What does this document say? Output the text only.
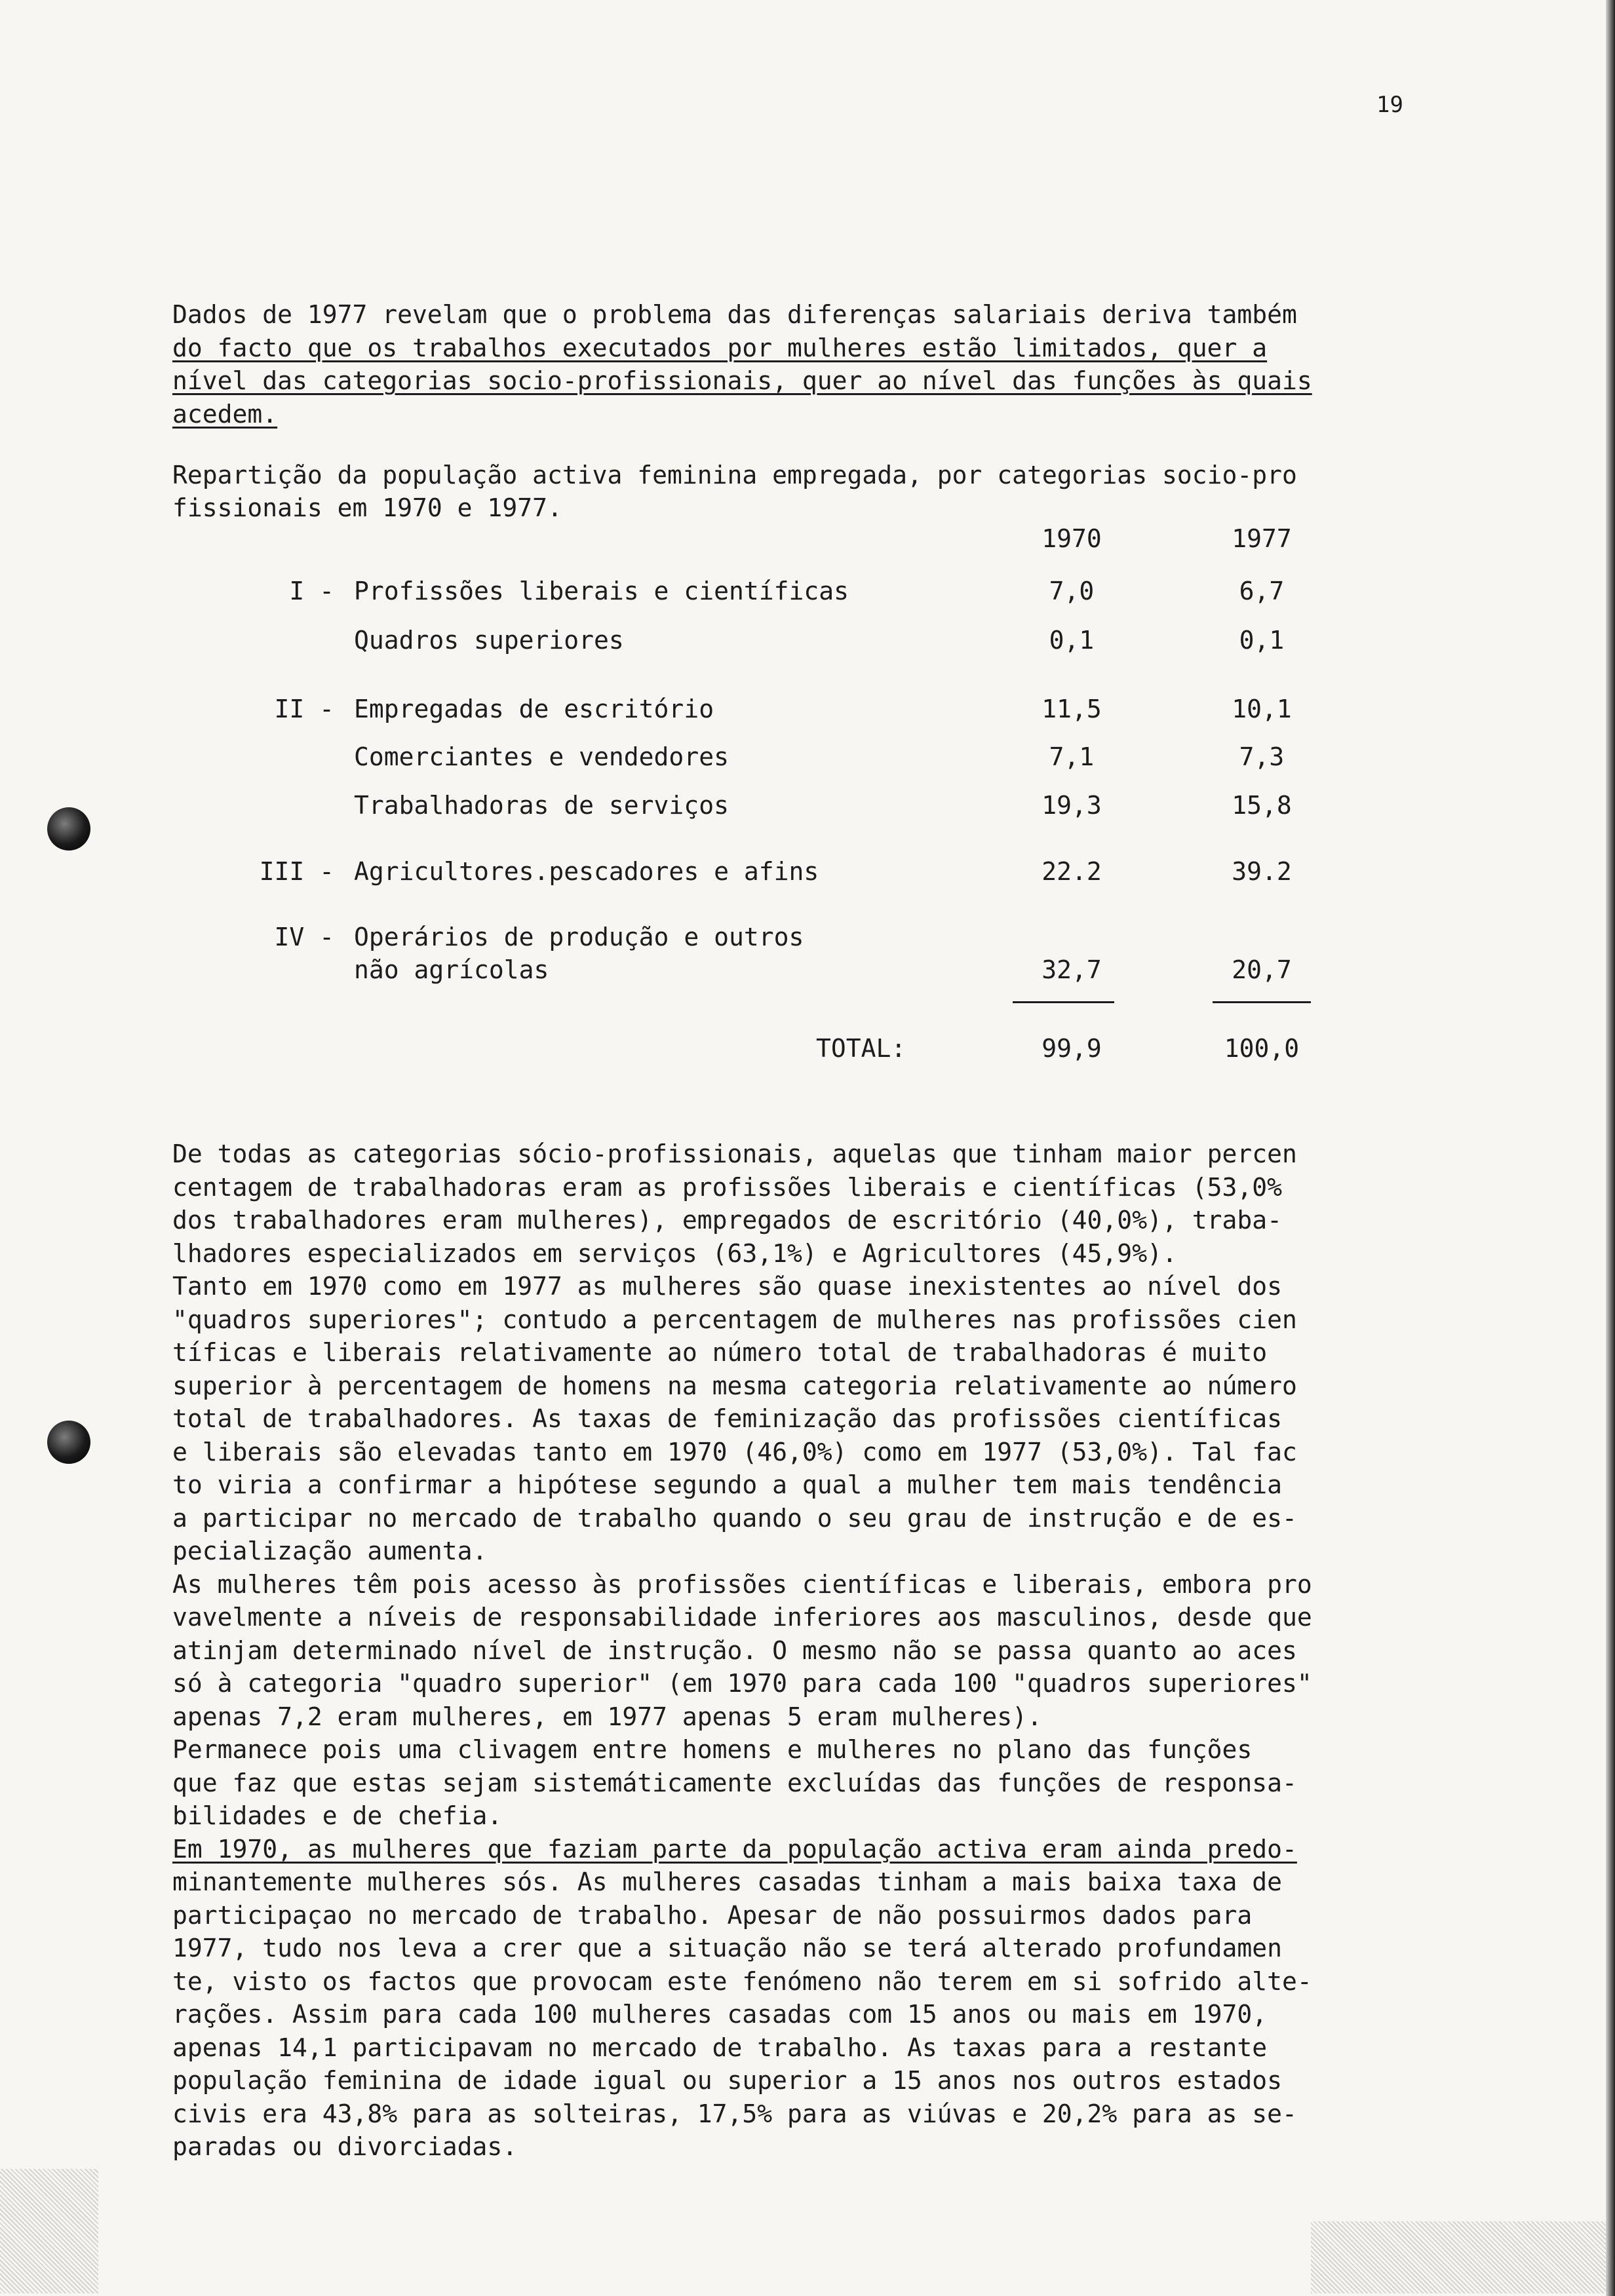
19
Dados de 1977 revelam que o problema das diferenças salariais deriva também
do facto que os trabalhos executados por mulheres estão limitados, quer a
nível das categorias socio-profissionais, quer ao nível das funções às quais
acedem.
Repartição da população activa feminina empregada, por categorias socio-pro
fissionais em 1970 e 1977.
1970	1977
I - Profissões liberais e científicas	7,0	6,7
Quadros superiores	0,1	0,1
II - Empregadas de escritório	11,5	10,1
Comerciantes e vendedores	7,1	7,3
Trabalhadoras de serviços	19,3	15,8
III - Agricultores.pescadores e afins	22.2	39.2
IV - Operários de produção e outros
não agrícolas	32,7	20,7
TOTAL:	99,9	100,0
De todas as categorias sócio-profissionais, aquelas que tinham maior percen
centagem de trabalhadoras eram as profissões liberais e científicas (53,0%
dos trabalhadores eram mulheres), empregados de escritório (40,0%), traba-
lhadores especializados em serviços (63,1%) e Agricultores (45,9%).
Tanto em 1970 como em 1977 as mulheres são quase inexistentes ao nível dos
"quadros superiores"; contudo a percentagem de mulheres nas profissões cien
tíficas e liberais relativamente ao número total de trabalhadoras é muito
superior à percentagem de homens na mesma categoria relativamente ao número
total de trabalhadores. As taxas de feminização das profissões científicas
e liberais são elevadas tanto em 1970 (46,0%) como em 1977 (53,0%). Tal fac
to viria a confirmar a hipótese segundo a qual a mulher tem mais tendência
a participar no mercado de trabalho quando o seu grau de instrução e de es-
pecialização aumenta.
As mulheres têm pois acesso às profissões científicas e liberais, embora pro
vavelmente a níveis de responsabilidade inferiores aos masculinos, desde que
atinjam determinado nível de instrução. O mesmo não se passa quanto ao aces
só à categoria "quadro superior" (em 1970 para cada 100 "quadros superiores"
apenas 7,2 eram mulheres, em 1977 apenas 5 eram mulheres).
Permanece pois uma clivagem entre homens e mulheres no plano das funções
que faz que estas sejam sistemáticamente excluídas das funções de responsa-
bilidades e de chefia.
Em 1970, as mulheres que faziam parte da população activa eram ainda predo-
minantemente mulheres sós. As mulheres casadas tinham a mais baixa taxa de
participaçao no mercado de trabalho. Apesar de não possuirmos dados para
1977, tudo nos leva a crer que a situação não se terá alterado profundamen
te, visto os factos que provocam este fenómeno não terem em si sofrido alte-
rações. Assim para cada 100 mulheres casadas com 15 anos ou mais em 1970,
apenas 14,1 participavam no mercado de trabalho. As taxas para a restante
população feminina de idade igual ou superior a 15 anos nos outros estados
civis era 43,8% para as solteiras, 17,5% para as viúvas e 20,2% para as se-
paradas ou divorciadas.
